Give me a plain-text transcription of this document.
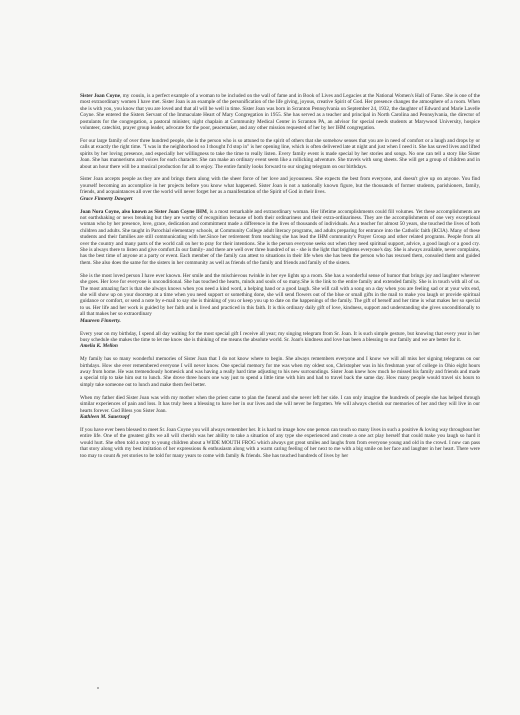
Sister Joan Coyne, my cousin, is a perfect example of a woman to be included on the wall of fame and in Book of Lives and Legacies at the National Women's Hall of Fame. She is one of the most extraordinary women I have met. Sister Joan is an example of the personification of the life giving, joyous, creative Spirit of God. Her presence changes the atmosphere of a room. When she is with you, you know that you are loved and that all will be well in time. Sister Joan was born in Scranton Pennsylvania on September 24, 1932, the daughter of Edward and Marie Lavelle Coyne. She entered the Sisters Servant of the Immaculate Heart of Mary Congregation in 1955. She has served as a teacher and principal in North Carolina and Pennsylvania, the director of postulants for the congregation, a pastoral minister, night chaplain at Community Medical Center in Scranton PA, an advisor for special needs students at Marywood University, hospice volunteer, catechist, prayer group leader, advocate for the poor, peacemaker, and any other mission requested of her by her IHM congregation.

For our large family of over three hundred people, she is the person who is so attuned to the spirit of others that she somehow senses that you are in need of comfort or a laugh and drops by or calls at exactly the right time. "I was in the neighborhood so I thought I'd stop in" is her opening line, which is often delivered late at night and just when I need it. She has saved lives and lifted spirits by her loving presence, and especially her willingness to take the time to really listen. Every family event is made special by her stories and songs. No one can tell a story like Sister Joan. She has mannerisms and voices for each character. She can make an ordinary event seem like a rollicking adventure. She travels with song sheets. She will get a group of children and in about an hour there will be a musical production for all to enjoy. The entire family looks forward to our singing telegram on our birthdays.

Sister Joan accepts people as they are and brings them along with the sheer force of her love and joyousness. She expects the best from everyone, and doesn't give up on anyone. You find yourself becoming an accomplice in her projects before you know what happened. Sister Joan is not a nationally known figure, but the thousands of former students, parishioners, family, friends, and acquaintances all over the world will never forget her as a manifestation of the Spirit of God in their lives.
Grace Finnerty Dawgert

Joan Nora Coyne, also known as Sister Joan Coyne IHM, is a most remarkable and extraordinary woman. Her lifetime accomplishments could fill volumes. Yet these accomplishments are not earthshaking or news breaking but they are worthy of recognition because of both their ordinariness and their extra-ordinariness. They are the accomplishments of one very exceptional woman who by her presence, love, grace, dedication and commitment made a difference in the lives of thousands of individuals. As a teacher for almost 50 years, she touched the lives of both children and adults. She taught in Parochial elementary schools, at Community College adult literacy programs, and adults preparing for entrance into the Catholic faith (RCIA). Many of these students and their families are still communicating with her.Since her retirement from teaching she has lead the IHM community's Prayer Group and other related programs. People from all over the country and many parts of the world call on her to pray for their intentions. She is the person everyone seeks out when they need spiritual support, advice, a good laugh or a good cry. She is always there to listen and give comfort.In our family- and there are well over three hundred of us - she is the light that brightens everyone's day. She is always available, never complains, has the best time of anyone at a party or event. Each member of the family can attest to situations in their life when she has been the person who has rescued them, consoled them and guided them. She also does the same for the sisters in her community as well as friends of the family and friends and family of the sisters.

She is the most loved person I have ever known. Her smile and the mischievous twinkle in her eye lights up a room. She has a wonderful sense of humor that brings joy and laughter wherever she goes. Her love for everyone is unconditional. She has touched the hearts, minds and souls of so many.She is the link to the entire family and extended family. She is in touch with all of us. The most amazing fact is that she always knows when you need a kind word, a helping hand or a good laugh. She will call with a song on a day when you are feeling sad or at your wits end, she will show up on your doorstep at a time when you need support or something done, she will send flowers out of the blue or small gifts in the mail to make you laugh or provide spiritual guidance or comfort, or send a note by e-mail to say she is thinking of you or keep you up to date on the happenings of the family. The gift of herself and her time is what makes her so special to us. Her life and her work is guided by her faith and is lived and practiced in this faith. It is this ordinary daily gift of love, kindness, support and understanding she gives unconditionally to all that makes her so extraordinary
Maureen Finnerty.

Every year on my birthday, I spend all day waiting for the most special gift I receive all year; my singing telegram from Sr. Joan. It is such simple gesture, but knowing that every year in her busy schedule she makes the time to let me know she is thinking of me means the absolute world. Sr. Joan's kindness and love has been a blessing to our family and we are better for it.
Amelia K. Mellon

My family has so many wonderful memories of Sister Joan that I do not know where to begin. She always remembers everyone and I know we will all miss her signing telegrams on our birthdays. How she ever remembered everyone I will never know. One special memory for me was when my oldest son, Christopher was in his freshman year of college in Ohio eight hours away from home. He was tremendously homesick and was having a really hard time adjusting to his new surroundings. Sister Joan knew how much he missed his family and friends and made a special trip to take him out to lunch. She drove three hours one way just to spend a little time with him and had to travel back the same day. How many people would travel six hours to simply take someone out to lunch and make them feel better.

When my father died Sister Joan was with my mother when the priest came to plan the funeral and she never left her side. I can only imagine the hundreds of people she has helped through similar experiences of pain and loss. It has truly been a blessing to have her in our lives and she will never be forgotten. We will always cherish our memories of her and they will live in our hearts forever. God Bless you Sister Joan.
Kathleen M. Sauerzopf

If you have ever been blessed to meet Sr. Joan Coyne you will always remember her. It is hard to image how one person can touch so many lives in such a positive & loving way throughout her entire life. One of the greatest gifts we all will cherish was her ability to take a situation of any type she experienced and create a one act play herself that could make you laugh so hard it would hurt. She often told a story to young children about a WIDE MOUTH FROG which always got great smiles and laughs from from everyone young and old in the crowd. I now can pass that story along with my best imitation of her expressions & enthusiasm along with a warm caring feeling of her next to me with a big smile on her face and laughter in her heart. There were too may to count & yet stories to be told for many years to come with family & friends. She has touched hundreds of lives by her
